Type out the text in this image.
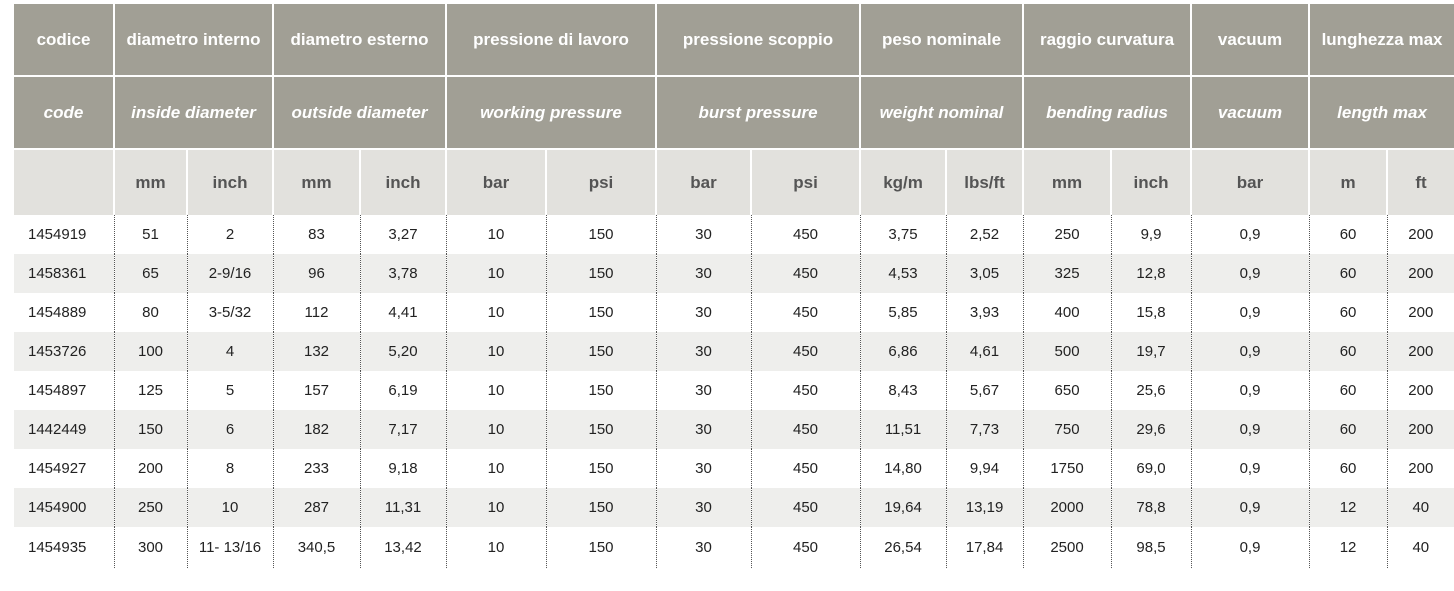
codice	diametro interno		diametro esterno		pressione di lavoro		pressione scoppio		peso nominale		raggio curvatura		vacuum	lunghezza max	
code	inside diameter		outside diameter		working pressure		burst pressure		weight nominal		bending radius		vacuum	length max	
	mm	inch	mm	inch	bar	psi	bar	psi	kg/m	lbs/ft	mm	inch	bar	m	ft
1454919	51	2	83	3,27	10	150	30	450	3,75	2,52	250	9,9	0,9	60	200
1458361	65	2-9/16	96	3,78	10	150	30	450	4,53	3,05	325	12,8	0,9	60	200
1454889	80	3-5/32	112	4,41	10	150	30	450	5,85	3,93	400	15,8	0,9	60	200
1453726	100	4	132	5,20	10	150	30	450	6,86	4,61	500	19,7	0,9	60	200
1454897	125	5	157	6,19	10	150	30	450	8,43	5,67	650	25,6	0,9	60	200
1442449	150	6	182	7,17	10	150	30	450	11,51	7,73	750	29,6	0,9	60	200
1454927	200	8	233	9,18	10	150	30	450	14,80	9,94	1750	69,0	0,9	60	200
1454900	250	10	287	11,31	10	150	30	450	19,64	13,19	2000	78,8	0,9	12	40
1454935	300	11- 13/16	340,5	13,42	10	150	30	450	26,54	17,84	2500	98,5	0,9	12	40
